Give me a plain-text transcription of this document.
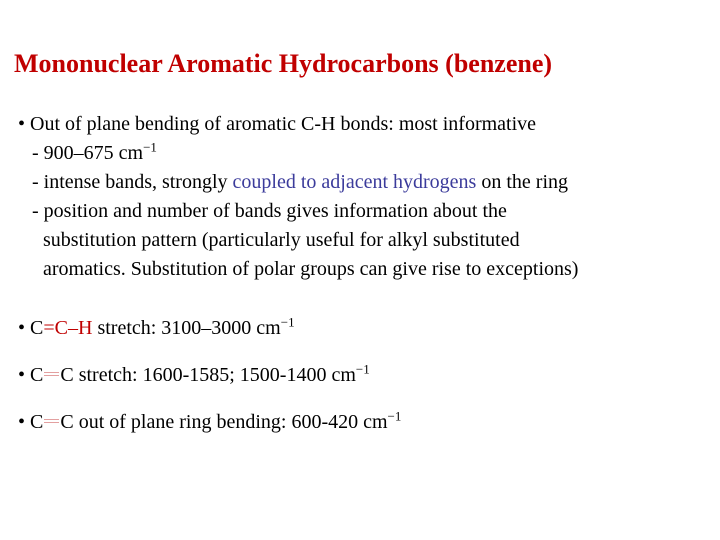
Mononuclear Aromatic Hydrocarbons (benzene)
• Out of plane bending of aromatic C-H bonds: most informative
- 900–675 $cm^{-1}$
- intense bands, strongly coupled to adjacent hydrogens on the ring
- position and number of bands gives information about the
substitution pattern (particularly useful for alkyl substituted
aromatics. Substitution of polar groups can give rise to exceptions)
• C=C–H stretch: 3100–3000 $cm^{-1}$
• C C stretch: 1600-1585; 1500-1400 $cm^{-1}$
• C C out of plane ring bending: 600-420 $cm^{-1}$
